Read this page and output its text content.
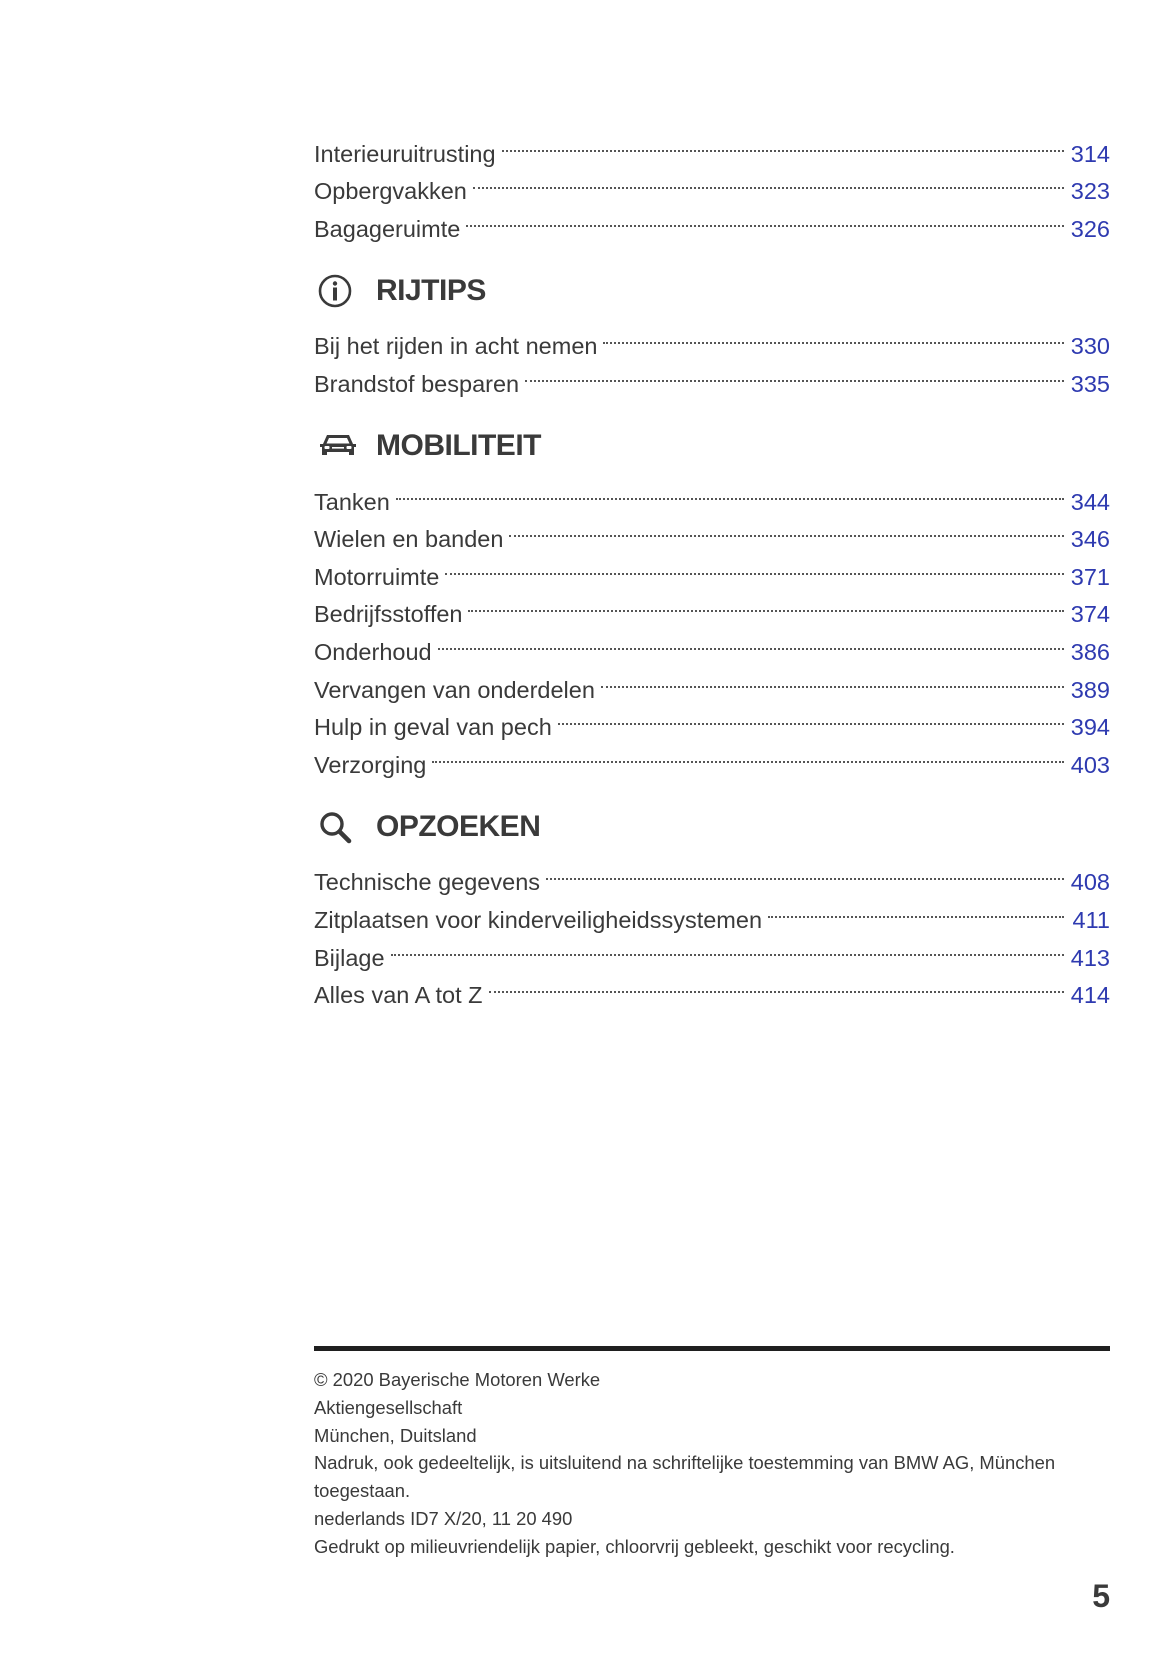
Interieuruitrusting	314
Opbergvakken	323
Bagageruimte	326
RIJTIPS
Bij het rijden in acht nemen	330
Brandstof besparen	335
MOBILITEIT
Tanken	344
Wielen en banden	346
Motorruimte	371
Bedrijfsstoffen	374
Onderhoud	386
Vervangen van onderdelen	389
Hulp in geval van pech	394
Verzorging	403
OPZOEKEN
Technische gegevens	408
Zitplaatsen voor kinderveiligheidssystemen	411
Bijlage	413
Alles van A tot Z	414

© 2020 Bayerische Motoren Werke

Aktiengesellschaft

München, Duitsland

Nadruk, ook gedeeltelijk, is uitsluitend na schriftelijke toestemming van BMW AG, München toegestaan.

nederlands ID7 X/20, 11 20 490

Gedrukt op milieuvriendelijk papier, chloorvrij gebleekt, geschikt voor recycling.

5
